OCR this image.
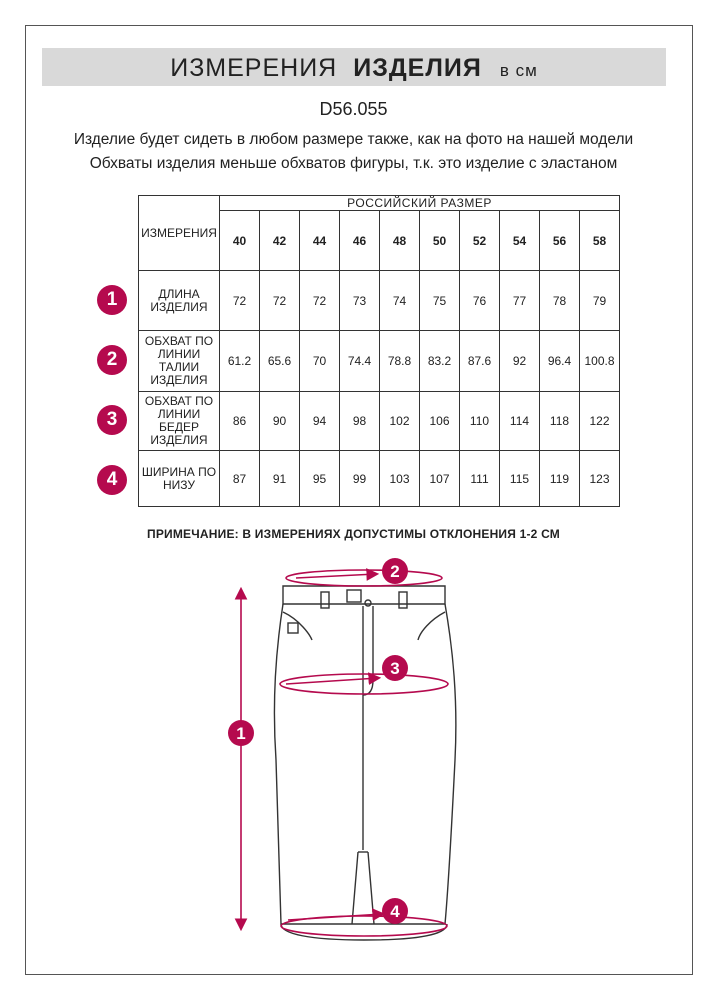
ИЗМЕРЕНИЯ ИЗДЕЛИЯ в см
D56.055
Изделие будет сидеть в любом размере также, как на фото на нашей модели
Обхваты изделия меньше обхватов фигуры, т.к. это изделие с эластаном
ИЗМЕРЕНИЯ	РОССИЙСКИЙ РАЗМЕР									
	40	42	44	46	48	50	52	54	56	58
ДЛИНА
ИЗДЕЛИЯ	72	72	72	73	74	75	76	77	78	79
ОБХВАТ ПО
ЛИНИИ
ТАЛИИ
ИЗДЕЛИЯ	61.2	65.6	70	74.4	78.8	83.2	87.6	92	96.4	100.8
ОБХВАТ ПО
ЛИНИИ
БЕДЕР
ИЗДЕЛИЯ	86	90	94	98	102	106	110	114	118	122
ШИРИНА ПО
НИЗУ	87	91	95	99	103	107	111	115	119	123
1
2
3
4
ПРИМЕЧАНИЕ: В ИЗМЕРЕНИЯХ ДОПУСТИМЫ ОТКЛОНЕНИЯ 1-2 СМ
2
3
1
4
